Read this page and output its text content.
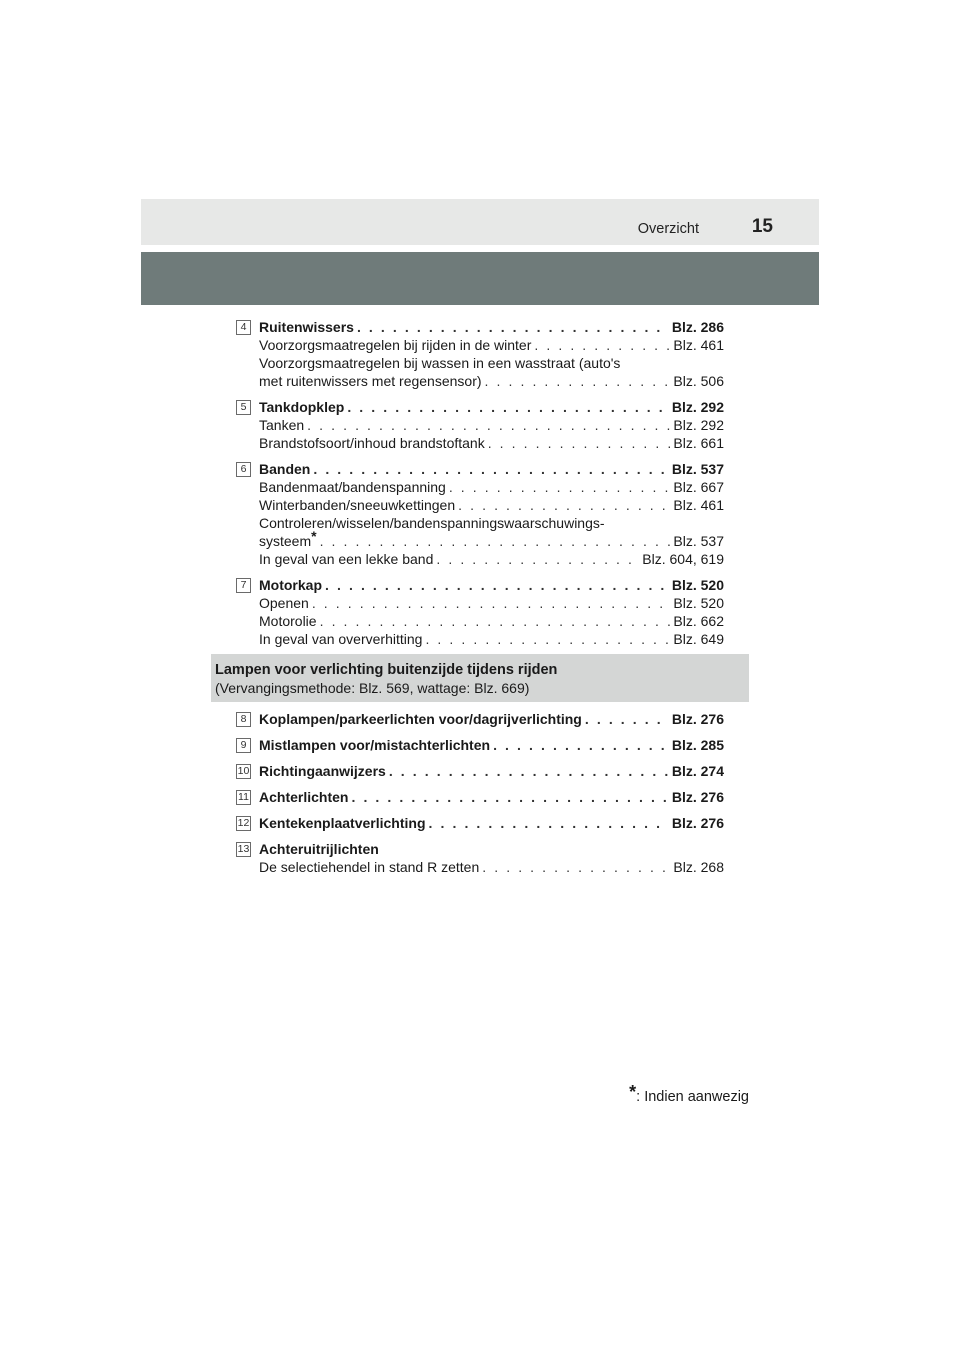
Overzicht	15
4 Ruitenwissers . . .	Blz. 286
Voorzorgsmaatregelen bij rijden in de winter . . .	Blz. 461
Voorzorgsmaatregelen bij wassen in een wasstraat (auto's
met ruitenwissers met regensensor) . . .	Blz. 506
5 Tankdopklep . . .	Blz. 292
Tanken . . .	Blz. 292
Brandstofsoort/inhoud brandstoftank . . .	Blz. 661
6 Banden . . .	Blz. 537
Bandenmaat/bandenspanning . . .	Blz. 667
Winterbanden/sneeuwkettingen . . .	Blz. 461
Controleren/wisselen/bandenspanningswaarschuwings-
systeem* . . .	Blz. 537
In geval van een lekke band . . .	Blz. 604, 619
7 Motorkap . . .	Blz. 520
Openen . . .	Blz. 520
Motorolie . . .	Blz. 662
In geval van oververhitting . . .	Blz. 649
Lampen voor verlichting buitenzijde tijdens rijden
(Vervangingsmethode: Blz. 569, wattage: Blz. 669)
8 Koplampen/parkeerlichten voor/dagrijverlichting . . .	Blz. 276
9 Mistlampen voor/mistachterlichten . . .	Blz. 285
10 Richtingaanwijzers . . .	Blz. 274
11 Achterlichten . . .	Blz. 276
12 Kentekenplaatverlichting . . .	Blz. 276
13 Achteruitrijlichten
De selectiehendel in stand R zetten . . .	Blz. 268
*: Indien aanwezig
